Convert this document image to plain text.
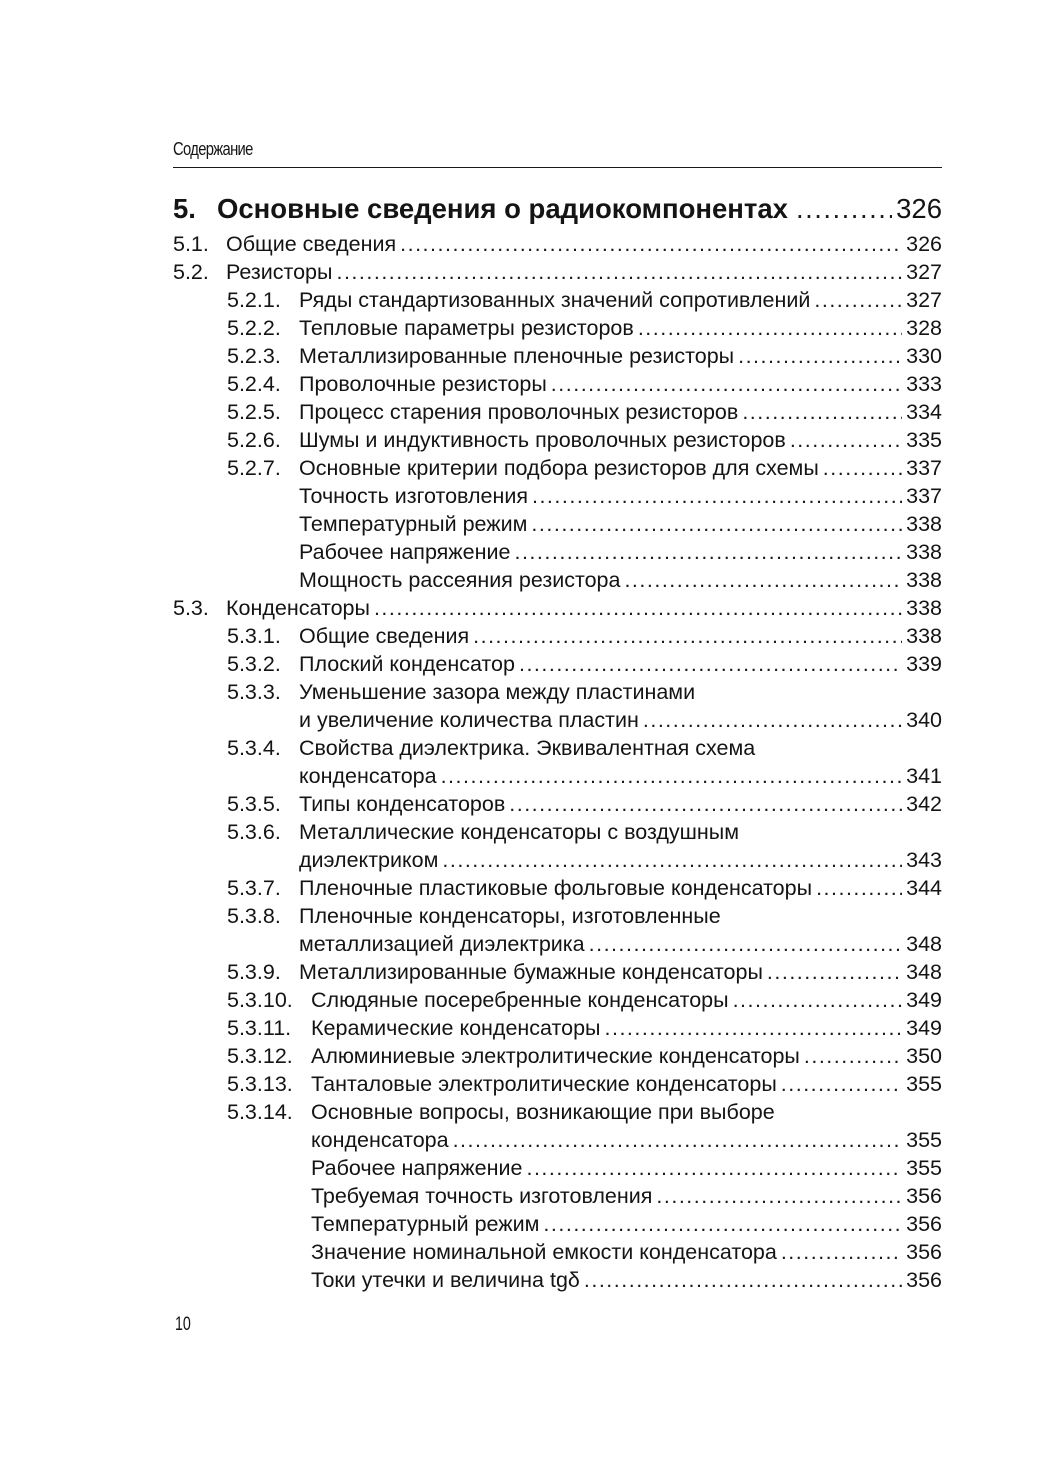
Содержание
5. Основные сведения о радиокомпонентах .....	326
5.1. Общие сведения .....	326
5.2. Резисторы .....	327
5.2.1. Ряды стандартизованных значений сопротивлений .....	327
5.2.2. Тепловые параметры резисторов .....	328
5.2.3. Металлизированные пленочные резисторы .....	330
5.2.4. Проволочные резисторы .....	333
5.2.5. Процесс старения проволочных резисторов .....	334
5.2.6. Шумы и индуктивность проволочных резисторов .....	335
5.2.7. Основные критерии подбора резисторов для схемы .....	337
Точность изготовления .....	337
Температурный режим .....	338
Рабочее напряжение .....	338
Мощность рассеяния резистора .....	338
5.3. Конденсаторы .....	338
5.3.1. Общие сведения .....	338
5.3.2. Плоский конденсатор .....	339
5.3.3. Уменьшение зазора между пластинами
и увеличение количества пластин .....	340
5.3.4. Свойства диэлектрика. Эквивалентная схема
конденсатора .....	341
5.3.5. Типы конденсаторов .....	342
5.3.6. Металлические конденсаторы с воздушным
диэлектриком .....	343
5.3.7. Пленочные пластиковые фольговые конденсаторы .....	344
5.3.8. Пленочные конденсаторы, изготовленные
металлизацией диэлектрика .....	348
5.3.9. Металлизированные бумажные конденсаторы .....	348
5.3.10. Слюдяные посеребренные конденсаторы .....	349
5.3.11. Керамические конденсаторы .....	349
5.3.12. Алюминиевые электролитические конденсаторы .....	350
5.3.13. Танталовые электролитические конденсаторы .....	355
5.3.14. Основные вопросы, возникающие при выборе
конденсатора .....	355
Рабочее напряжение .....	355
Требуемая точность изготовления .....	356
Температурный режим .....	356
Значение номинальной емкости конденсатора .....	356
Токи утечки и величина tgδ .....	356
10
